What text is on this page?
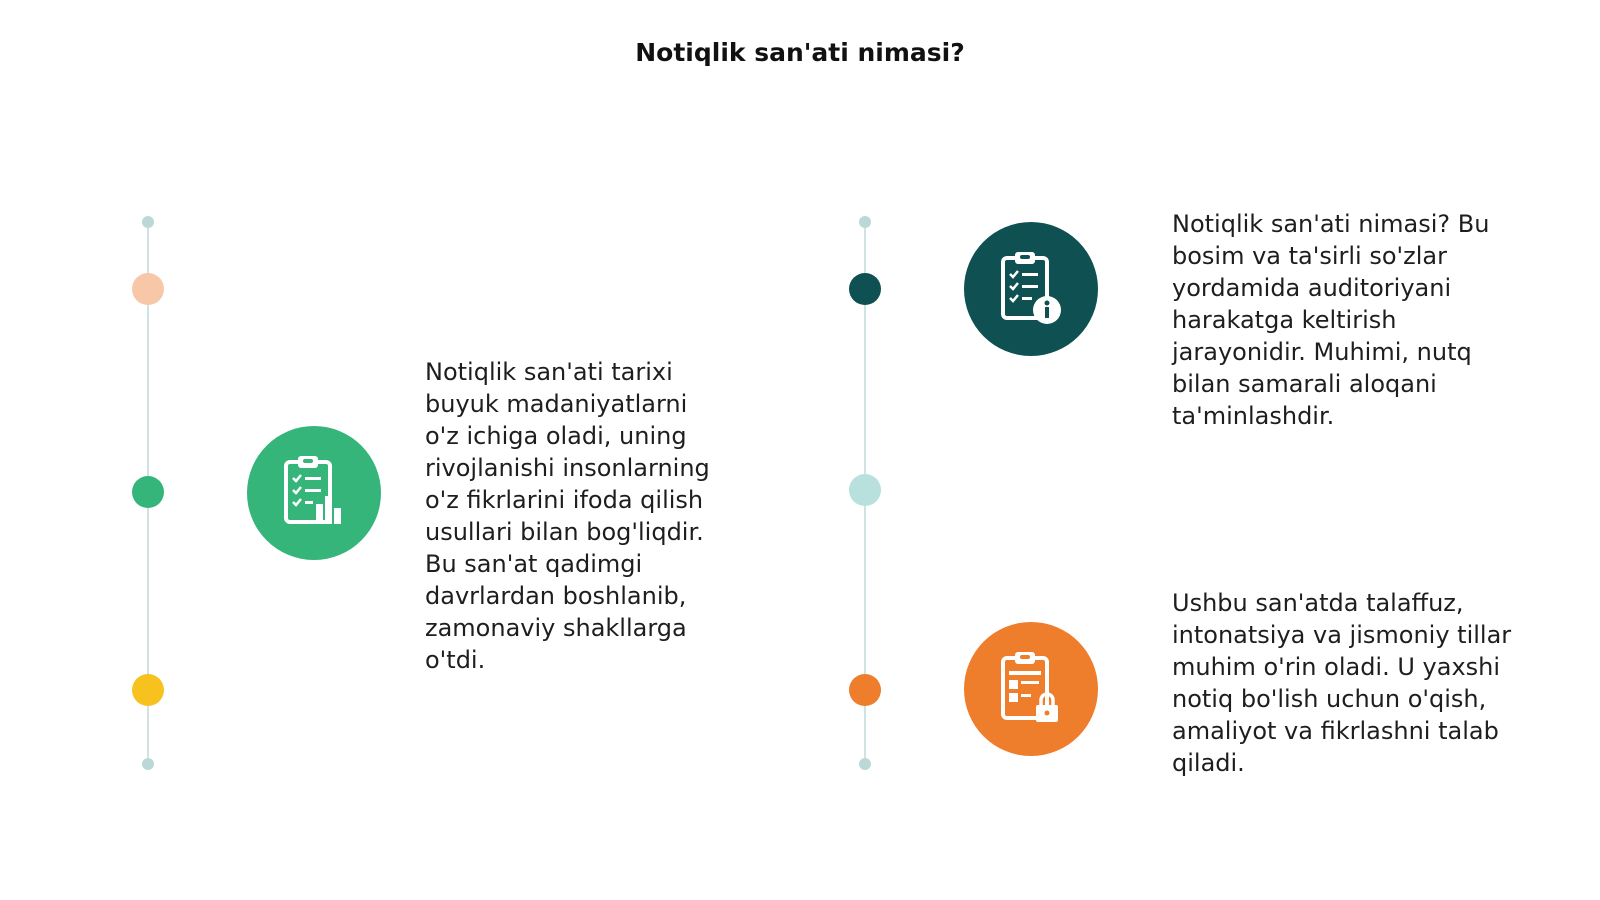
Notiqlik san'ati nimasi?
Notiqlik san'ati tarixi
buyuk madaniyatlarni
o'z ichiga oladi, uning
rivojlanishi insonlarning
o'z fikrlarini ifoda qilish
usullari bilan bog'liqdir.
Bu san'at qadimgi
davrlardan boshlanib,
zamonaviy shakllarga
o'tdi.
Notiqlik san'ati nimasi? Bu
bosim va ta'sirli so'zlar
yordamida auditoriyani
harakatga keltirish
jarayonidir. Muhimi, nutq
bilan samarali aloqani
ta'minlashdir.
Ushbu san'atda talaffuz,
intonatsiya va jismoniy tillar
muhim o'rin oladi. U yaxshi
notiq bo'lish uchun o'qish,
amaliyot va fikrlashni talab
qiladi.
